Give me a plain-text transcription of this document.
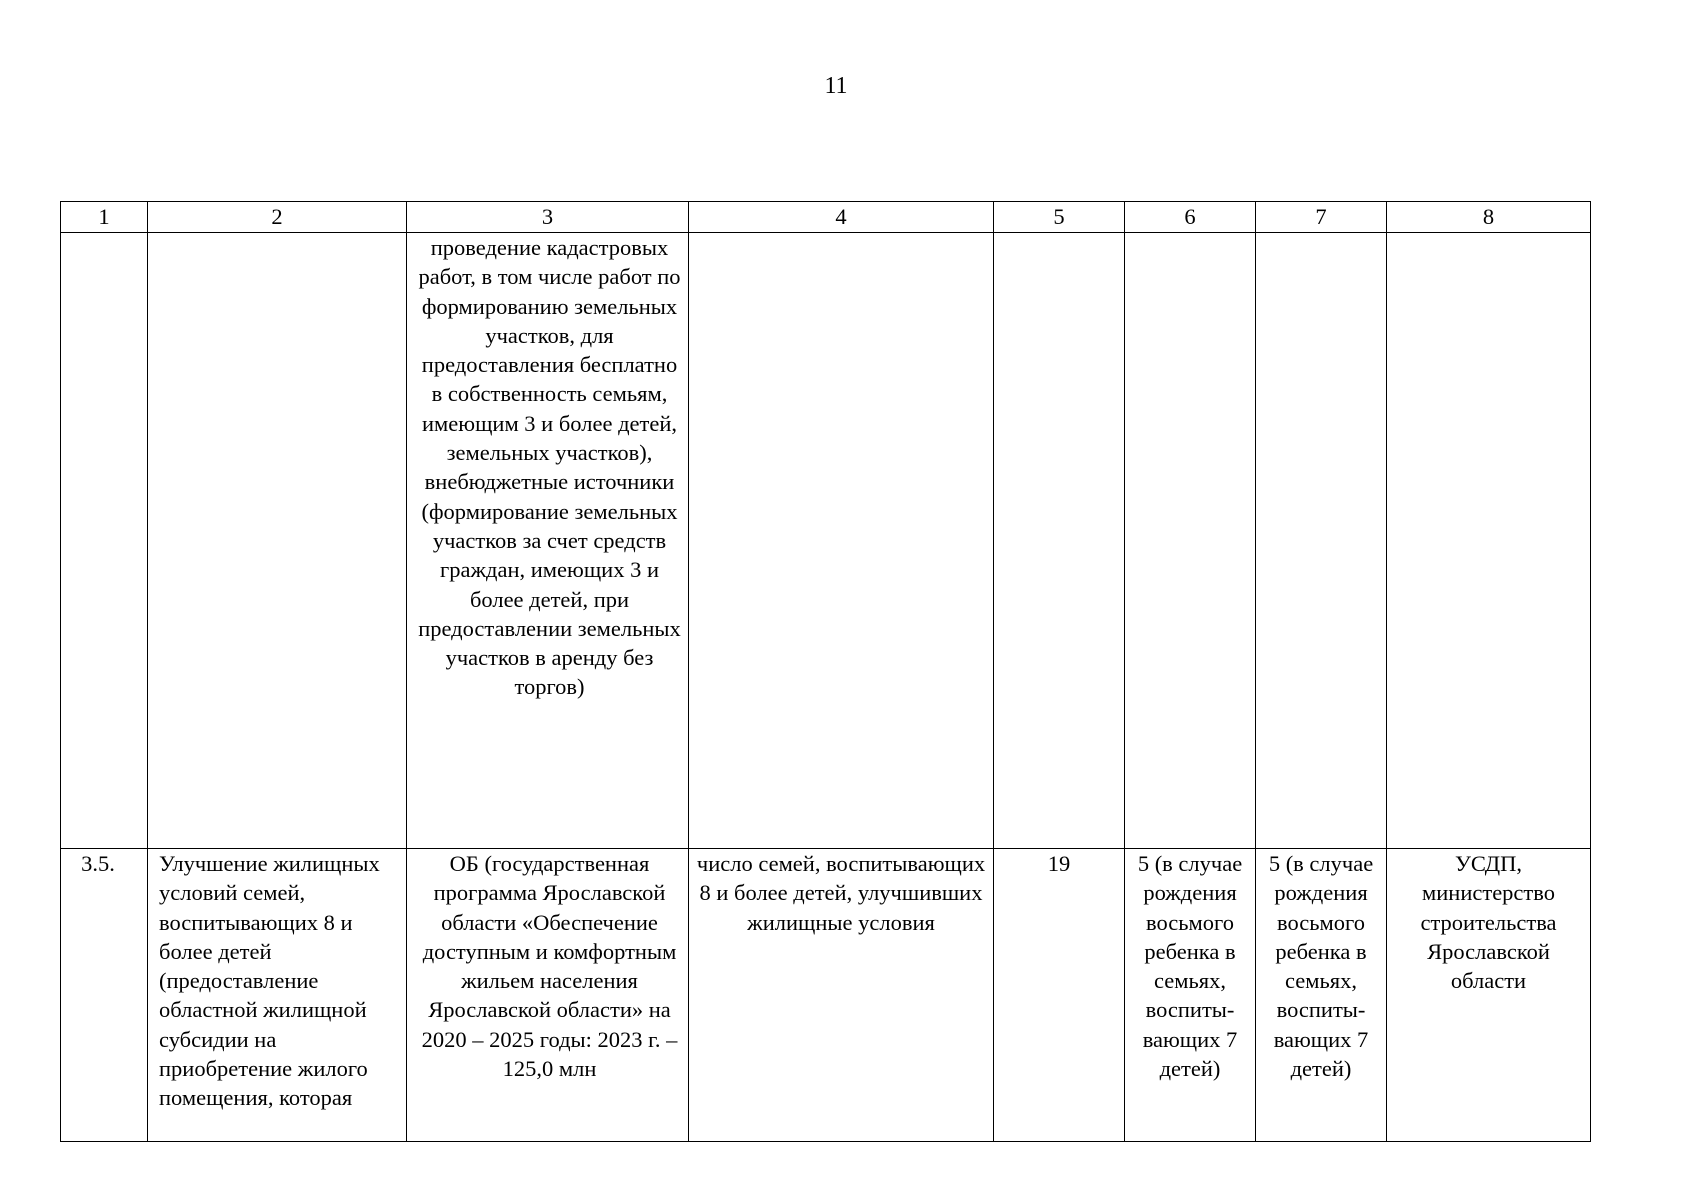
11
1	2	3	4	5	6	7	8
		проведение кадастровых работ, в том числе работ по формированию земельных участков, для предоставления бесплатно в собственность семьям, имеющим 3 и более детей, земельных участков), внебюджетные источники (формирование земельных участков за счет средств граждан, имеющих 3 и более детей, при предоставлении земельных участков в аренду без торгов)					
3.5.	Улучшение жилищных условий семей, воспитывающих 8 и более детей (предоставление областной жилищной субсидии на приобретение жилого помещения, которая	ОБ (государственная программа Ярославской области «Обеспечение доступным и комфортным жильем населения Ярославской области» на 2020 – 2025 годы: 2023 г. – 125,0 млн	число семей, воспитывающих 8 и более детей, улучшивших жилищные условия	19	5 (в случае рождения восьмого ребенка в семьях, воспиты-вающих 7 детей)	5 (в случае рождения восьмого ребенка в семьях, воспиты-вающих 7 детей)	УСДП, министерство строительства Ярославской области
